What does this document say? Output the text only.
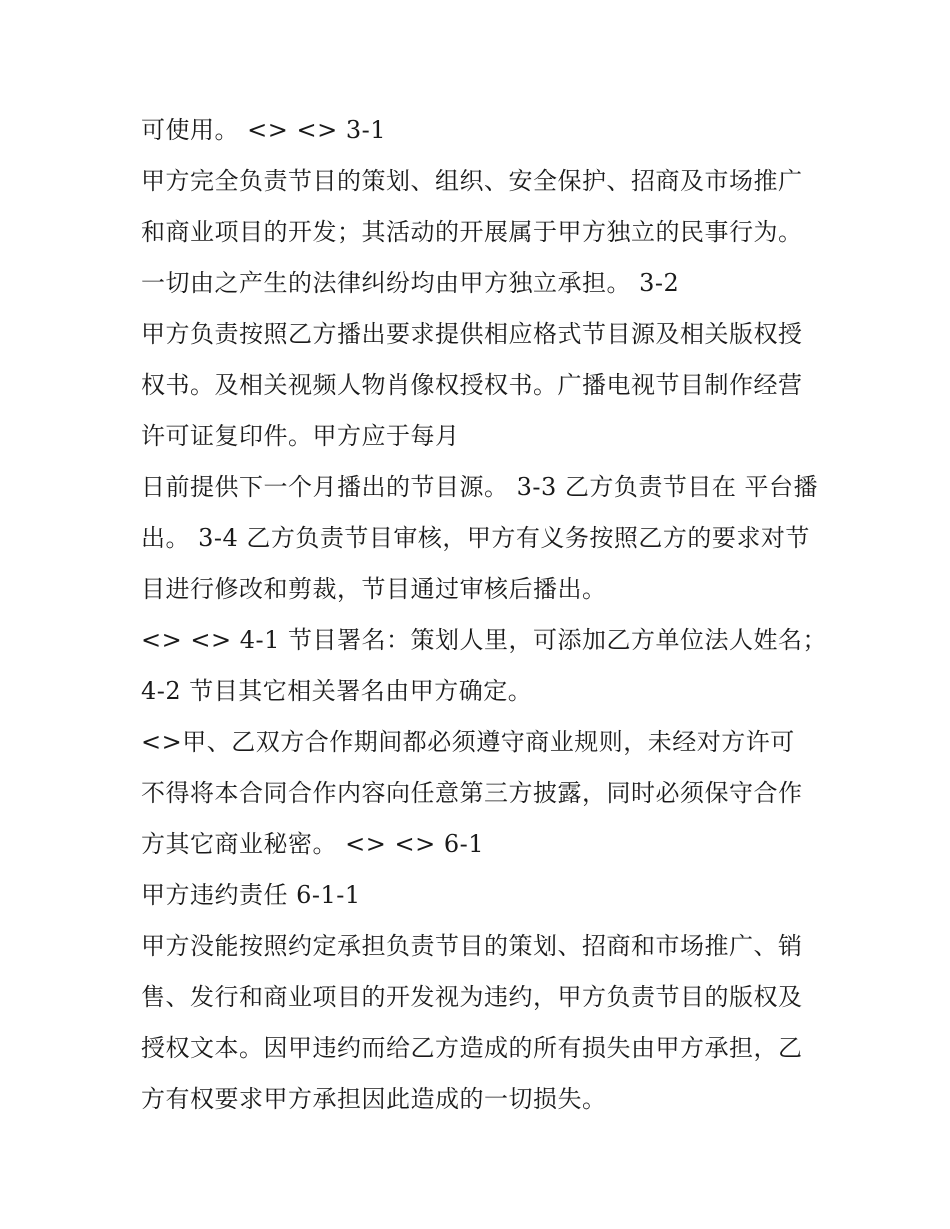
可使用。 <> <> 3-1
甲方完全负责节目的策划、组织、安全保护、招商及市场推广
和商业项目的开发；其活动的开展属于甲方独立的民事行为。
一切由之产生的法律纠纷均由甲方独立承担。 3-2
甲方负责按照乙方播出要求提供相应格式节目源及相关版权授
权书。及相关视频人物肖像权授权书。广播电视节目制作经营
许可证复印件。甲方应于每月
日前提供下一个月播出的节目源。 3-3 乙方负责节目在 平台播
出。 3-4 乙方负责节目审核，甲方有义务按照乙方的要求对节
目进行修改和剪裁，节目通过审核后播出。
<> <> 4-1 节目署名：策划人里，可添加乙方单位法人姓名；
4-2 节目其它相关署名由甲方确定。
<>甲、乙双方合作期间都必须遵守商业规则，未经对方许可
不得将本合同合作内容向任意第三方披露，同时必须保守合作
方其它商业秘密。 <> <> 6-1
甲方违约责任 6-1-1
甲方没能按照约定承担负责节目的策划、招商和市场推广、销
售、发行和商业项目的开发视为违约，甲方负责节目的版权及
授权文本。因甲违约而给乙方造成的所有损失由甲方承担，乙
方有权要求甲方承担因此造成的一切损失。
